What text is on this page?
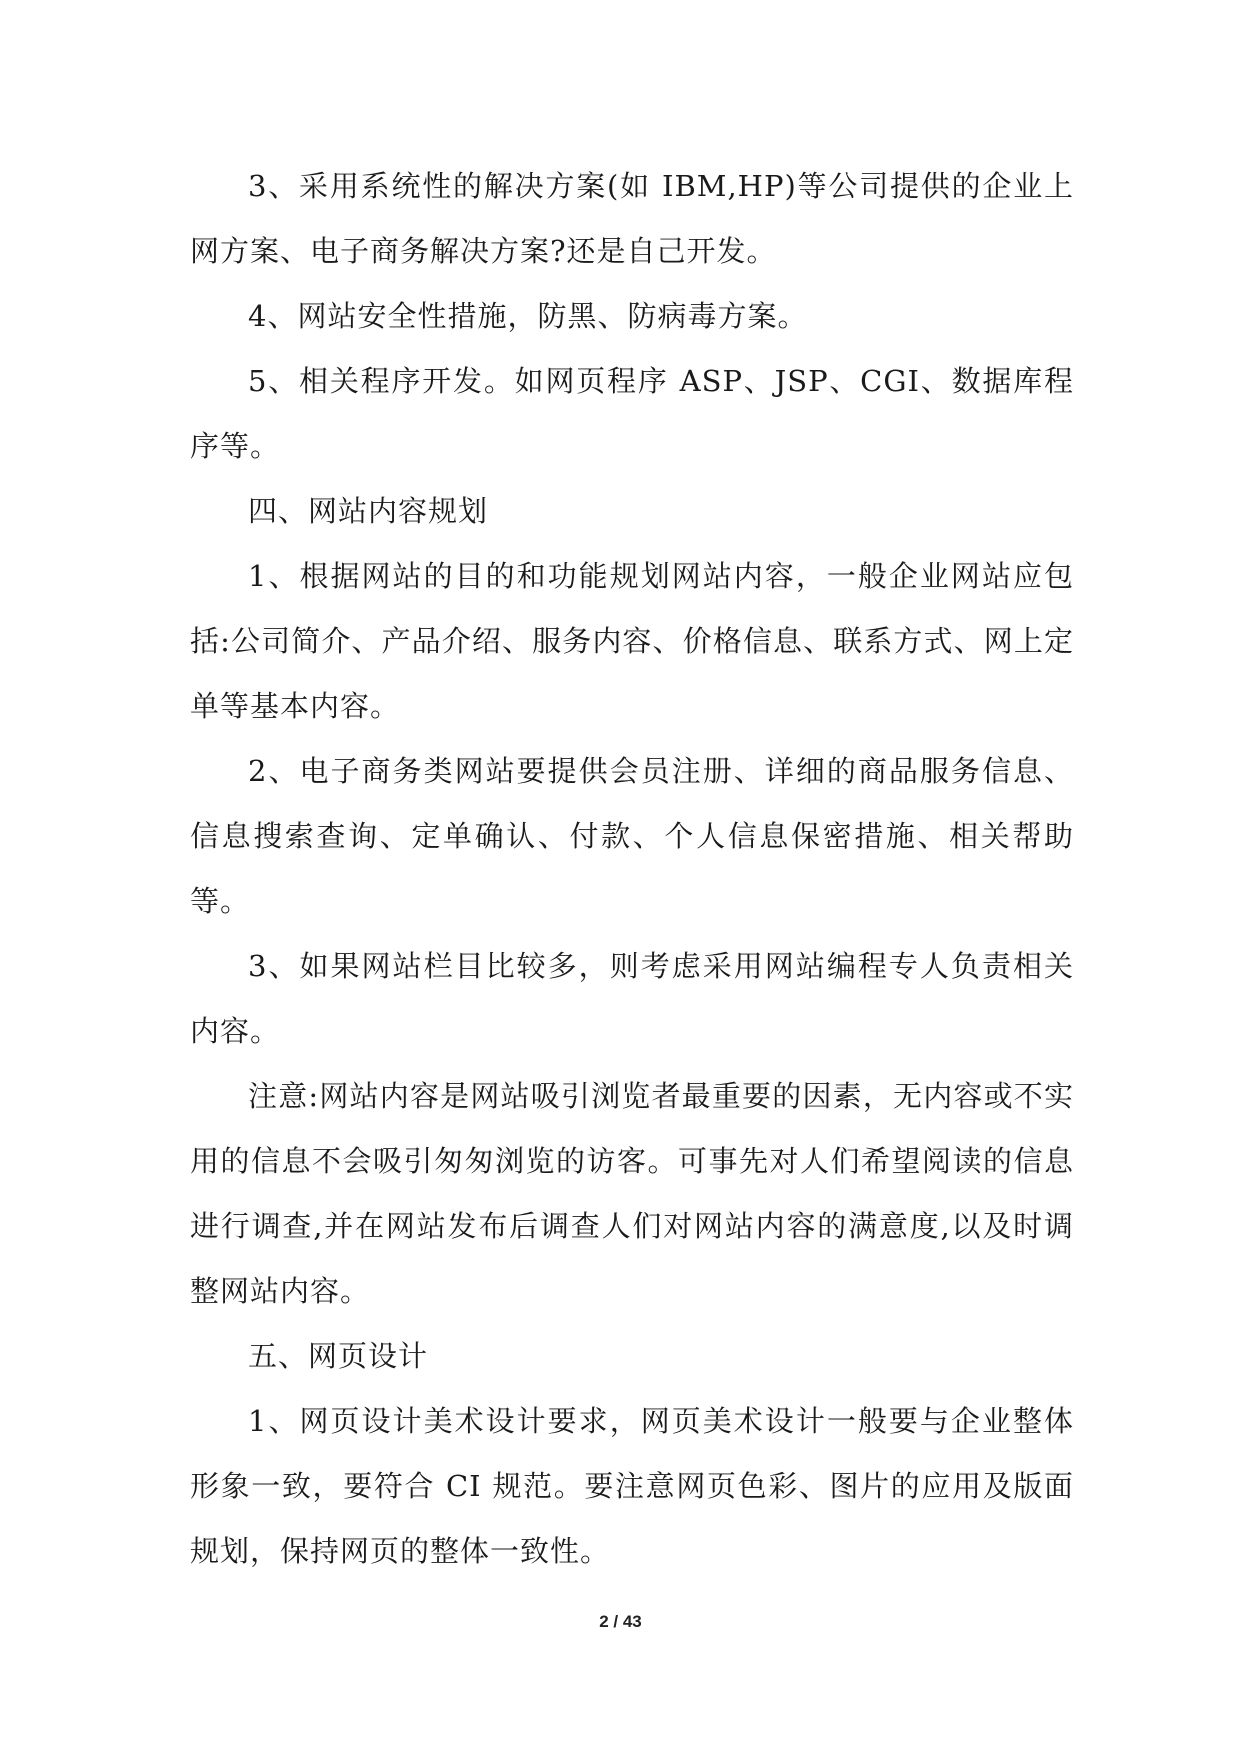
3、采用系统性的解决方案(如 IBM,HP)等公司提供的企业上网方案、电子商务解决方案?还是自己开发。

4、网站安全性措施，防黑、防病毒方案。

5、相关程序开发。如网页程序 ASP、JSP、CGI、数据库程序等。

四、网站内容规划

1、根据网站的目的和功能规划网站内容，一般企业网站应包括:公司简介、产品介绍、服务内容、价格信息、联系方式、网上定单等基本内容。

2、电子商务类网站要提供会员注册、详细的商品服务信息、信息搜索查询、定单确认、付款、个人信息保密措施、相关帮助等。

3、如果网站栏目比较多，则考虑采用网站编程专人负责相关内容。

注意:网站内容是网站吸引浏览者最重要的因素，无内容或不实用的信息不会吸引匆匆浏览的访客。可事先对人们希望阅读的信息进行调查,并在网站发布后调查人们对网站内容的满意度,以及时调整网站内容。

五、网页设计

1、网页设计美术设计要求，网页美术设计一般要与企业整体形象一致，要符合 CI 规范。要注意网页色彩、图片的应用及版面规划，保持网页的整体一致性。

2 / 43
